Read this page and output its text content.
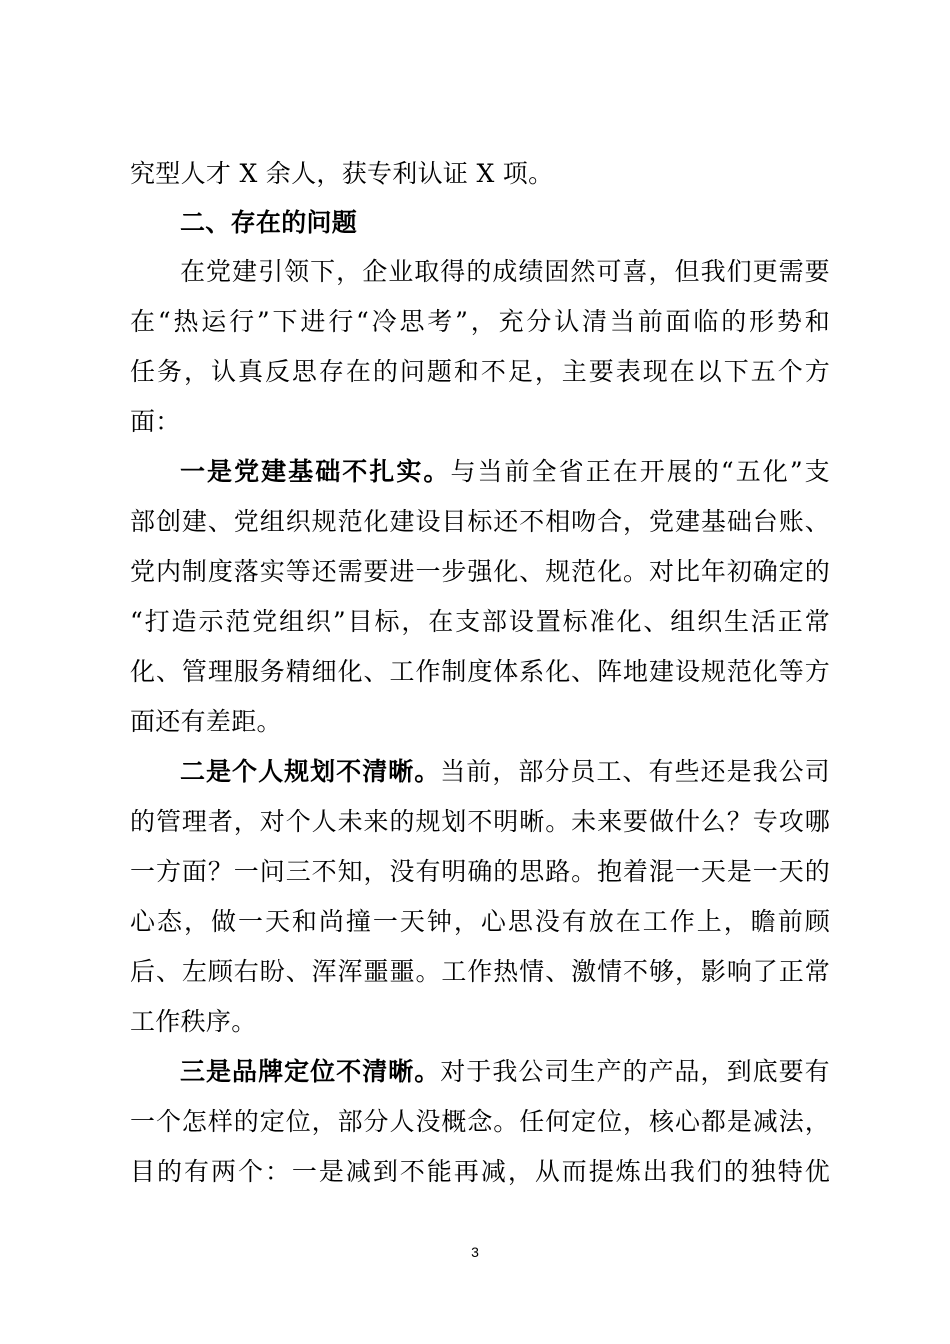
究型人才 X 余人，获专利认证 X 项。
二、存在的问题
在党建引领下，企业取得的成绩固然可喜，但我们更需要
在“热运行”下进行“冷思考”，充分认清当前面临的形势和
任务，认真反思存在的问题和不足，主要表现在以下五个方
面：
一是党建基础不扎实。与当前全省正在开展的“五化”支
部创建、党组织规范化建设目标还不相吻合，党建基础台账、
党内制度落实等还需要进一步强化、规范化。对比年初确定的
“打造示范党组织”目标，在支部设置标准化、组织生活正常
化、管理服务精细化、工作制度体系化、阵地建设规范化等方
面还有差距。
二是个人规划不清晰。当前，部分员工、有些还是我公司
的管理者，对个人未来的规划不明晰。未来要做什么？专攻哪
一方面？一问三不知，没有明确的思路。抱着混一天是一天的
心态，做一天和尚撞一天钟，心思没有放在工作上，瞻前顾
后、左顾右盼、浑浑噩噩。工作热情、激情不够，影响了正常
工作秩序。
三是品牌定位不清晰。对于我公司生产的产品，到底要有
一个怎样的定位，部分人没概念。任何定位，核心都是减法，
目的有两个：一是减到不能再减，从而提炼出我们的独特优
3
